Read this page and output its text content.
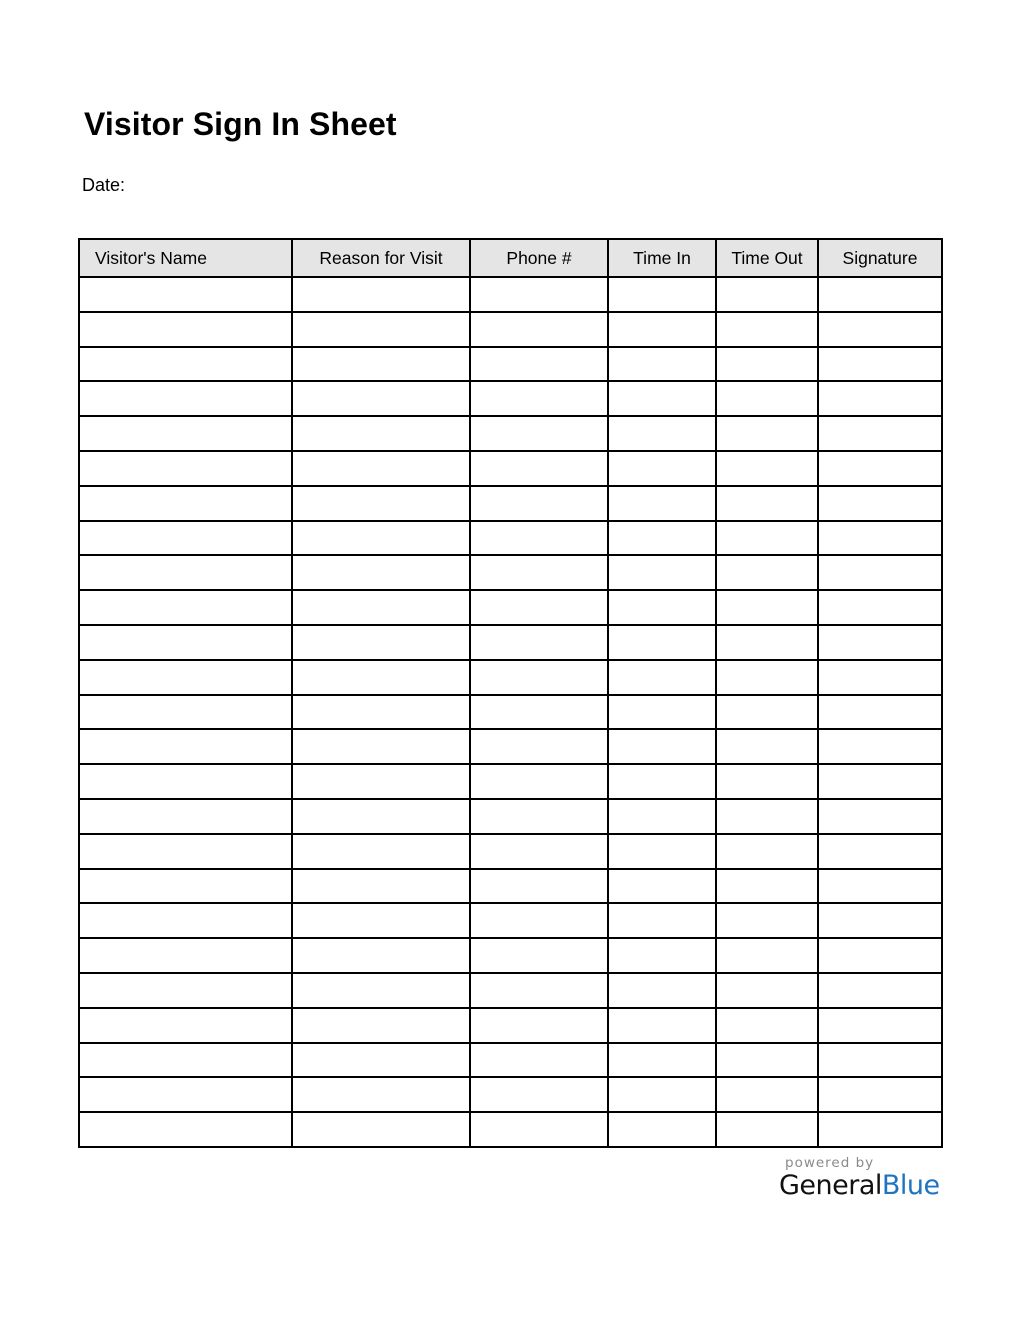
Visitor Sign In Sheet
Date:
Visitor's Name	Reason for Visit	Phone #	Time In	Time Out	Signature

powered by
GeneralBlue
